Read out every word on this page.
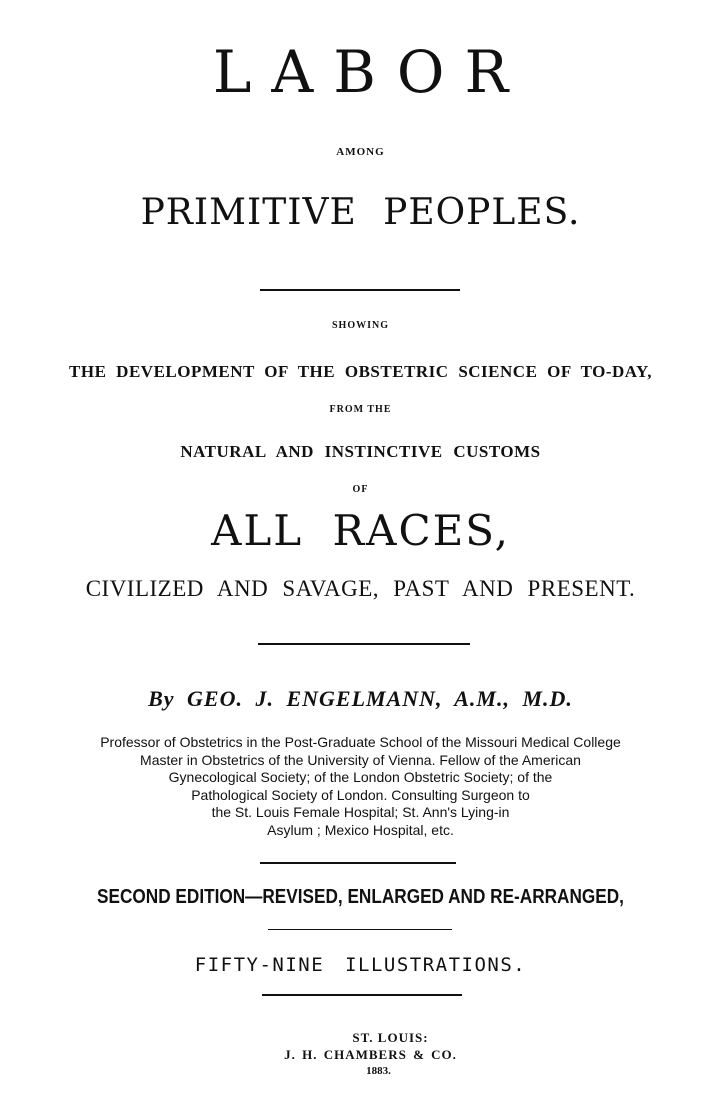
LABOR
AMONG
PRIMITIVE PEOPLES.
SHOWING
THE DEVELOPMENT OF THE OBSTETRIC SCIENCE OF TO-DAY,
FROM THE
NATURAL AND INSTINCTIVE CUSTOMS
OF
ALL RACES,
CIVILIZED AND SAVAGE, PAST AND PRESENT.
By GEO. J. ENGELMANN, A.M., M.D.
Professor of Obstetrics in the Post-Graduate School of the Missouri Medical College
Master in Obstetrics of the University of Vienna. Fellow of the American
Gynecological Society; of the London Obstetric Society; of the
Pathological Society of London. Consulting Surgeon to
the St. Louis Female Hospital; St. Ann's Lying-in
Asylum ; Mexico Hospital, etc.
SECOND EDITION—REVISED, ENLARGED AND RE-ARRANGED,
FIFTY-NINE ILLUSTRATIONS.
ST. LOUIS:
J. H. CHAMBERS & CO.
1883.
